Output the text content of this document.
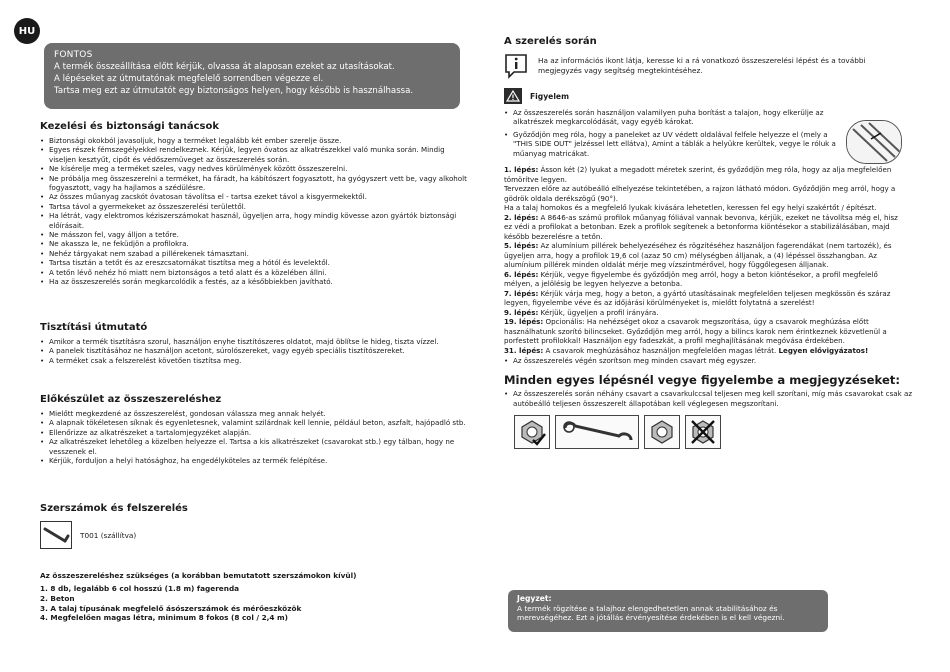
HU
FONTOS
A termék összeállítása előtt kérjük, olvassa át alaposan ezeket az utasításokat.
A lépéseket az útmutatónak megfelelő sorrendben végezze el.
Tartsa meg ezt az útmutatót egy biztonságos helyen, hogy később is használhassa.
Kezelési és biztonsági tanácsok
• Biztonsági okokból javasoljuk, hogy a terméket legalább két ember szerelje össze.
• Egyes részek fémszegélyekkel rendelkeznek. Kérjük, legyen óvatos az alkatrészekkel való munka során. Mindig viseljen kesztyűt, cipőt és védőszemüveget az összeszerelés során.
• Ne kísérelje meg a terméket szeles, vagy nedves körülmények között összeszerelni.
• Ne próbálja meg összeszerelni a terméket, ha fáradt, ha kábítószert fogyasztott, ha gyógyszert vett be, vagy alkoholt fogyasztott, vagy ha hajlamos a szédülésre.
• Az összes műanyag zacskót óvatosan távolítsa el - tartsa ezeket távol a kisgyermekektől.
• Tartsa távol a gyermekeket az összeszerelési területtől.
• Ha létrát, vagy elektromos kéziszerszámokat használ, ügyeljen arra, hogy mindig kövesse azon gyártók biztonsági előírásait.
• Ne másszon fel, vagy álljon a tetőre.
• Ne akassza le, ne feküdjön a profilokra.
• Nehéz tárgyakat nem szabad a pillérekenek támasztani.
• Tartsa tisztán a tetőt és az ereszcsatornákat tisztítsa meg a hótól és levelektől.
• A tetőn lévő nehéz hó miatt nem biztonságos a tető alatt és a közelében állni.
• Ha az összeszerelés során megkarcolódik a festés, az a későbbiekben javítható.
Tisztítási útmutató
• Amikor a termék tisztításra szorul, használjon enyhe tisztítószeres oldatot, majd öblítse le hideg, tiszta vízzel.
• A panelek tisztításához ne használjon acetont, súrolószereket, vagy egyéb speciális tisztítószereket.
• A terméket csak a felszerelést követően tisztítsa meg.
Előkészület az összeszereléshez
• Mielőtt megkezdené az összeszerelést, gondosan válassza meg annak helyét.
• A alapnak tökéletesen síknak és egyenletesnek, valamint szilárdnak kell lennie, például beton, aszfalt, hajópadló stb.
• Ellenőrizze az alkatrészeket a tartalomjegyzéket alapján.
• Az alkatrészeket lehetőleg a közelben helyezze el. Tartsa a kis alkatrészeket (csavarokat stb.) egy tálban, hogy ne vesszenek el.
• Kérjük, forduljon a helyi hatósághoz, ha engedélyköteles az termék felépítése.
Szerszámok és felszerelés
T001 (szállítva)
Az összeszereléshez szükséges (a korábban bemutatott szerszámokon kívül)
1. 8 db, legalább 6 col hosszú (1.8 m) fagerenda
2. Beton
3. A talaj típusának megfelelő ásószerszámok és mérőeszközök
4. Megfelelően magas létra, minimum 8 fokos (8 col / 2,4 m)
A szerelés során
Ha az információs ikont látja, keresse ki a rá vonatkozó összeszerelési lépést és a további megjegyzés vagy segítség megtekintéséhez.
Figyelem
• Az összeszerelés során használjon valamilyen puha borítást a talajon, hogy elkerülje az alkatrészek megkarcolódását, vagy egyéb károkat.
• Győződjön meg róla, hogy a paneleket az UV védett oldalával felfele helyezze el (mely a "THIS SIDE OUT" jelzéssel lett ellátva), Amint a táblák a helyükre kerültek, vegye le róluk a műanyag matricákat.
1. lépés: Ásson két (2) lyukat a megadott méretek szerint, és győződjön meg róla, hogy az alja megfelelően tömörítve legyen.
Tervezzen előre az autóbeálló elhelyezése tekintetében, a rajzon látható módon. Győződjön meg arról, hogy a gödrök oldala derékszögű (90°).
Ha a talaj homokos és a megfelelő lyukak kivására lehetetlen, keressen fel egy helyi szakértőt / építészt.
2. lépés: A 8646-as számú profilok műanyag fóliával vannak bevonva, kérjük, ezeket ne távolítsa még el, hisz ez védi a profilokat a betonban. Ezek a profilok segítenek a betonforma kiöntésekor a stabilizálásában, majd később bezerelésre a tetőn.
5. lépés: Az alumínium pillérek behelyezéséhez és rögzítéséhez használjon fagerendákat (nem tartozék), és ügyeljen arra, hogy a profilok 19,6 col (azaz 50 cm) mélységben álljanak, a (4) lépéssel összhangban. Az alumínium pillérek minden oldalát mérje meg vízszintmérővel, hogy függőlegesen álljanak.
6. lépés: Kérjük, vegye figyelembe és győződjön meg arról, hogy a beton kiöntésekor, a profil megfelelő mélyen, a jelölésig be legyen helyezve a betonba.
7. lépés: Kérjük várja meg, hogy a beton, a gyártó utasításainak megfelelően teljesen megkössön és száraz legyen, figyelembe véve és az időjárási körülményeket is, mielőtt folytatná a szerelést!
9. lépés: Kérjük, ügyeljen a profil irányára.
19. lépés: Opcionális: Ha nehézséget okoz a csavarok megszorítása, úgy a csavarok meghúzása előtt használhatunk szorító bilincseket. Győződjön meg arról, hogy a bilincs karok nem érintkeznek közvetlenül a porfestett profilokkal! Használjon egy fadeszkát, a profil meghajlításának megóvása érdekében.
31. lépés: A csavarok meghúzásához használjon megfelelően magas létrát. Legyen elővigyázatos!
• Az összeszerelés végén szorítson meg minden csavart még egyszer.
Minden egyes lépésnél vegye figyelembe a megjegyzéseket:
• Az összeszerelés során néhány csavart a csavarkulccsal teljesen meg kell szorítani, míg más csavarokat csak az autóbeálló teljesen összeszerelt állapotában kell véglegesen megszorítani.
Jegyzet:
A termék rögzítése a talajhoz elengedhetetlen annak stabilitásához és merevségéhez. Ezt a jótállás érvényesítése érdekében is el kell végezni.
